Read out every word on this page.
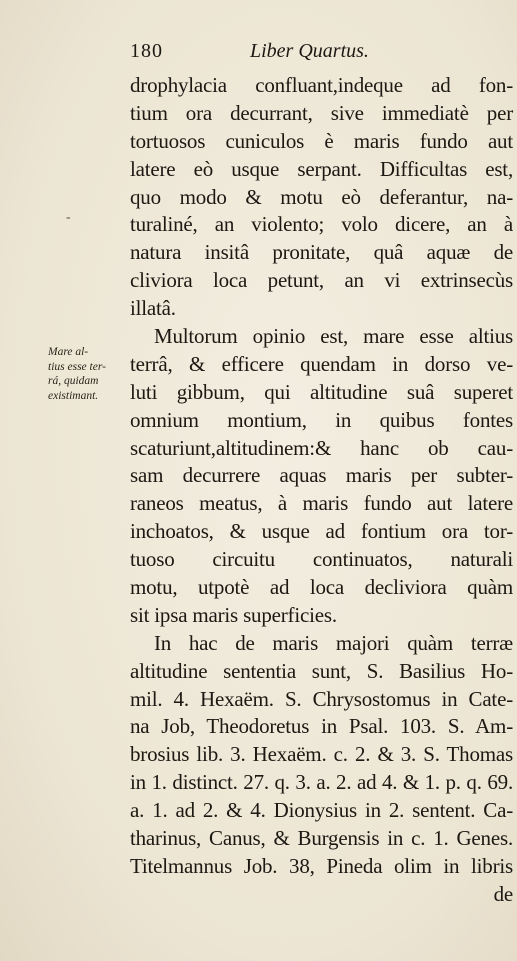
180	Liber Quartus.
Mare al-
tius esse ter-
rá, quidam
existimant.
-
drophylacia confluant,indeque ad fon-
tium ora decurrant, sive immediatè per
tortuosos cuniculos è maris fundo aut
latere eò usque serpant. Difficultas est,
quo modo & motu eò deferantur, na-
turaliné, an violento; volo dicere, an à
natura insitâ pronitate, quâ aquæ de
cliviora loca petunt, an vi extrinsecùs
illatâ.
Multorum opinio est, mare esse altius
terrâ, & efficere quendam in dorso ve-
luti gibbum, qui altitudine suâ superet
omnium montium, in quibus fontes
scaturiunt,altitudinem:& hanc ob cau-
sam decurrere aquas maris per subter-
raneos meatus, à maris fundo aut latere
inchoatos, & usque ad fontium ora tor-
tuoso circuitu continuatos, naturali
motu, utpotè ad loca decliviora quàm
sit ipsa maris superficies.
In hac de maris majori quàm terræ
altitudine sententia sunt, S. Basilius Ho-
mil. 4. Hexaëm. S. Chrysostomus in Cate-
na Job, Theodoretus in Psal. 103. S. Am-
brosius lib. 3. Hexaëm. c. 2. & 3. S. Thomas
in 1. distinct. 27. q. 3. a. 2. ad 4. & 1. p. q. 69.
a. 1. ad 2. & 4. Dionysius in 2. sentent. Ca-
tharinus, Canus, & Burgensis in c. 1. Genes.
Titelmannus Job. 38, Pineda olim in libris
de
